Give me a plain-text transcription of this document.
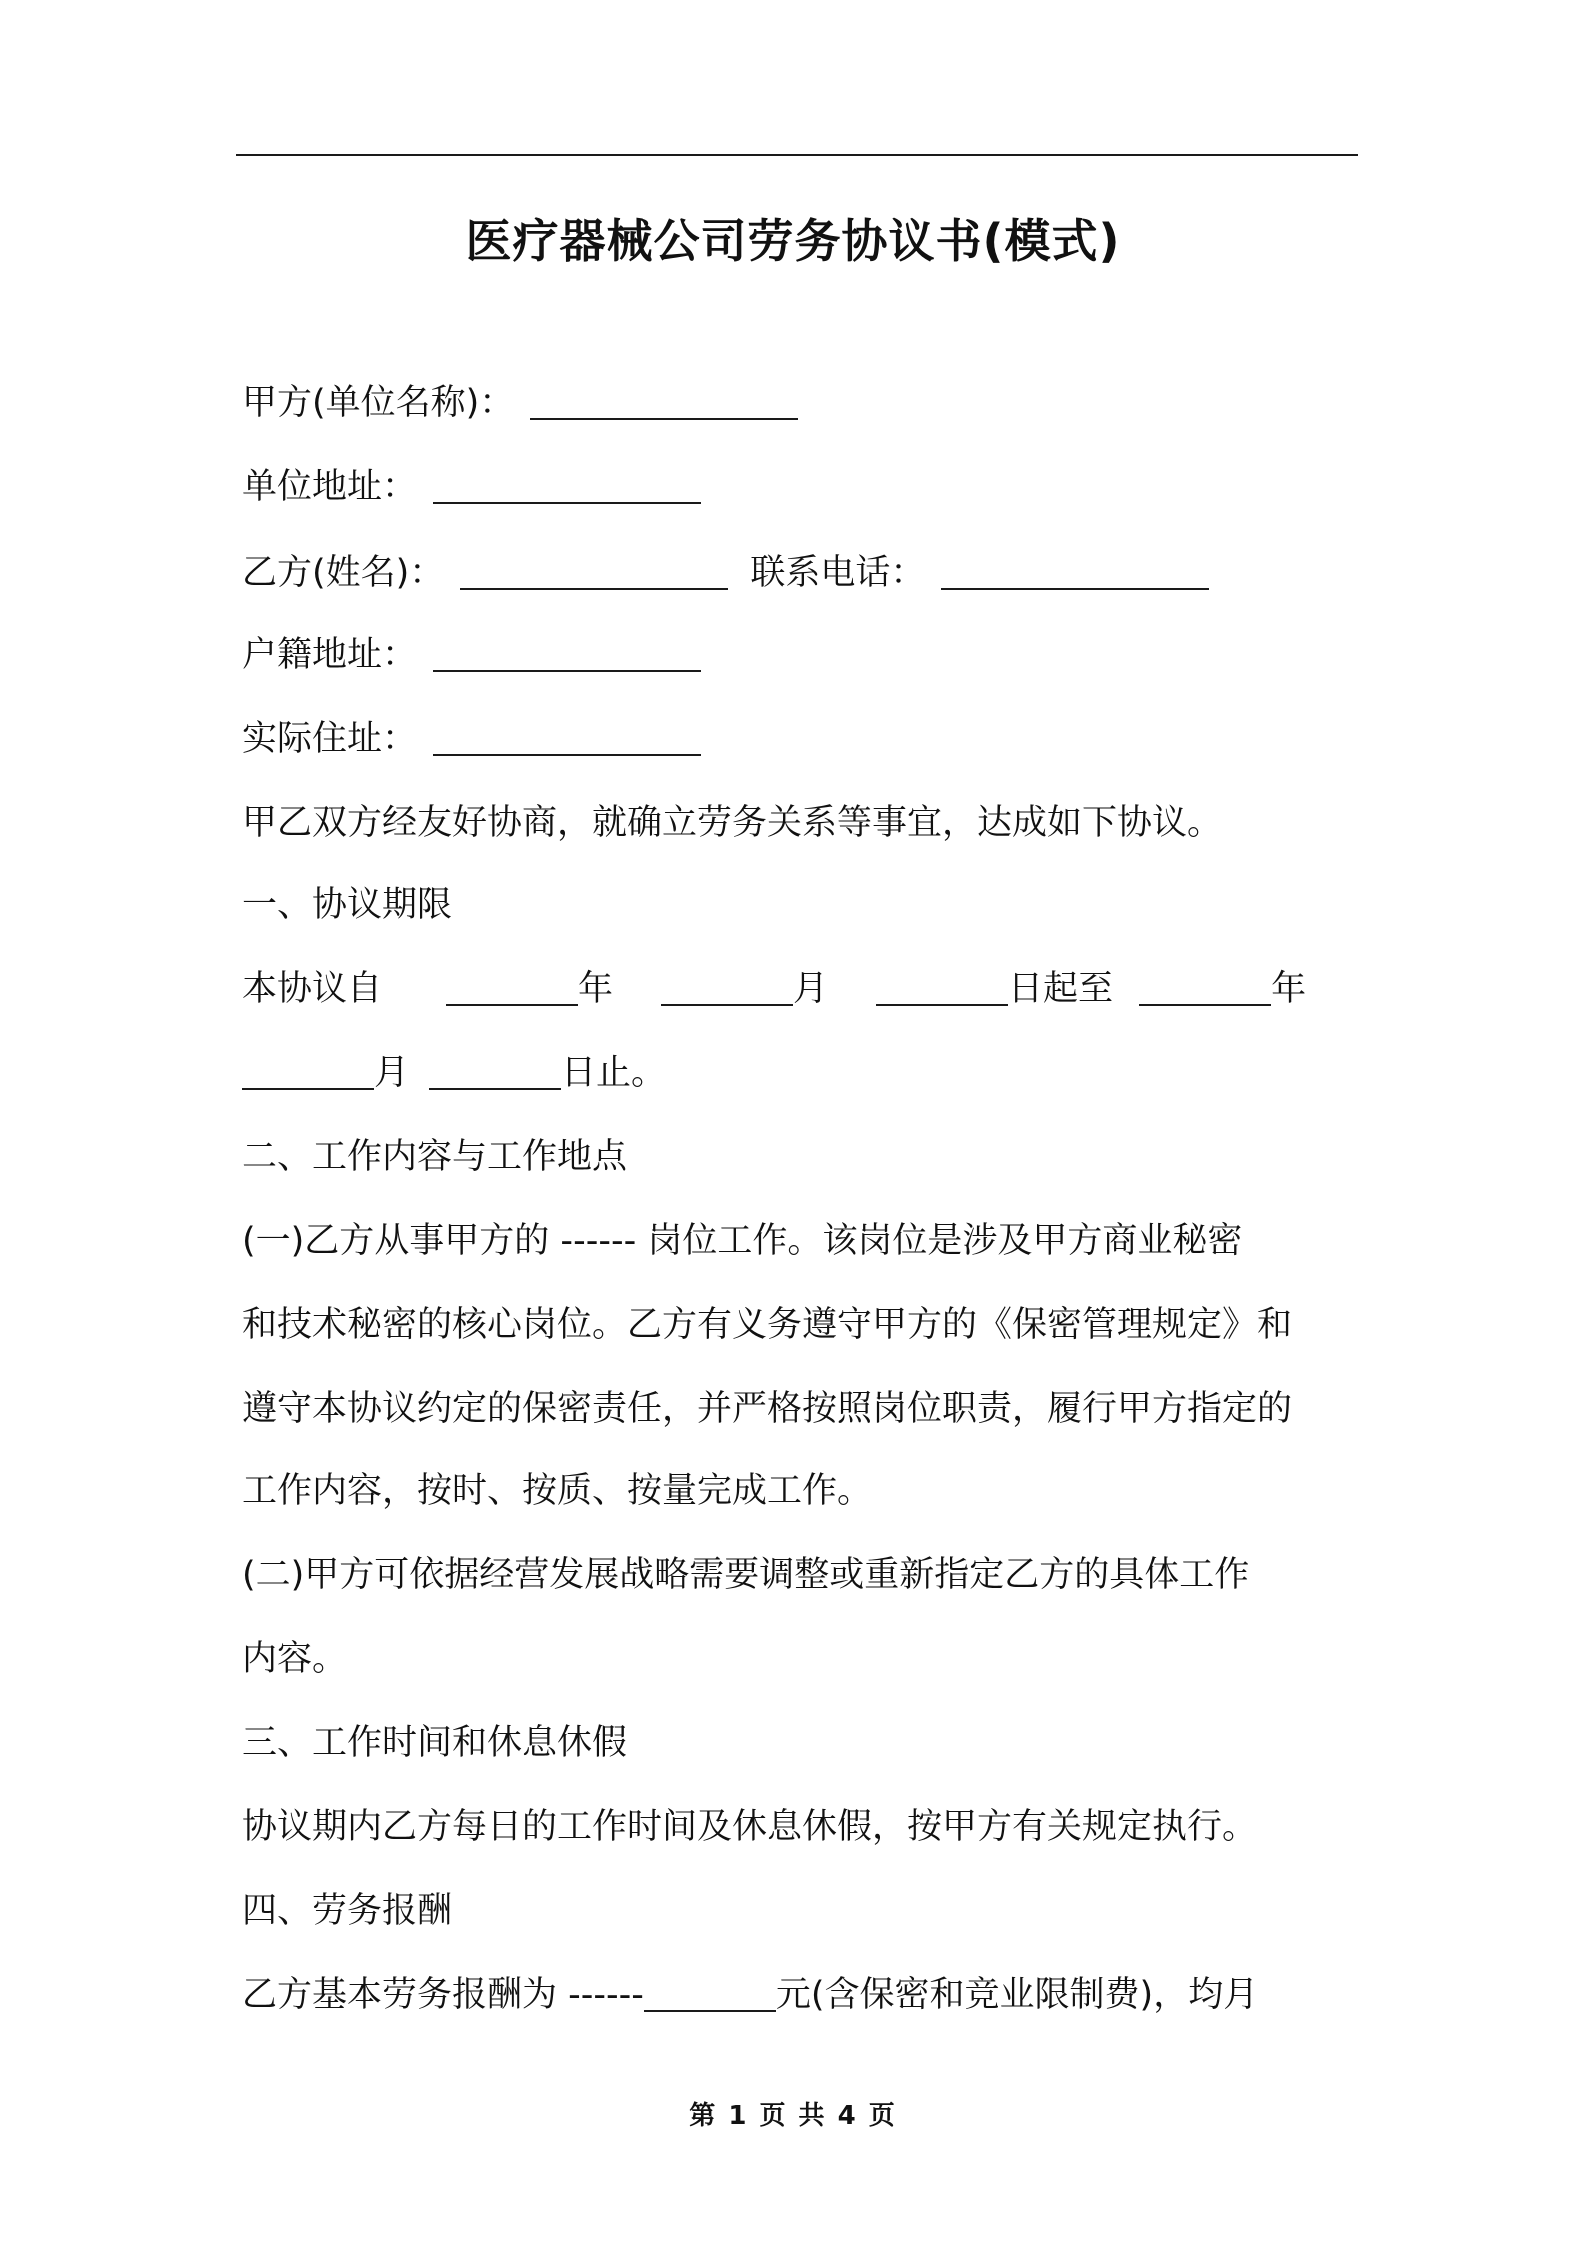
医疗器械公司劳务协议书(模式)
甲方(单位名称)：
单位地址：
乙方(姓名)：	联系电话：
户籍地址：
实际住址：
甲乙双方经友好协商，就确立劳务关系等事宜，达成如下协议。
一、协议期限
本协议自	年	月	日起至	年
月	日止。
二、工作内容与工作地点
(一)乙方从事甲方的 ------ 岗位工作。该岗位是涉及甲方商业秘密
和技术秘密的核心岗位。乙方有义务遵守甲方的《保密管理规定》和
遵守本协议约定的保密责任，并严格按照岗位职责，履行甲方指定的
工作内容，按时、按质、按量完成工作。
(二)甲方可依据经营发展战略需要调整或重新指定乙方的具体工作
内容。
三、工作时间和休息休假
协议期内乙方每日的工作时间及休息休假，按甲方有关规定执行。
四、劳务报酬
乙方基本劳务报酬为 ------	元(含保密和竞业限制费)，均月
第 1 页 共 4 页
